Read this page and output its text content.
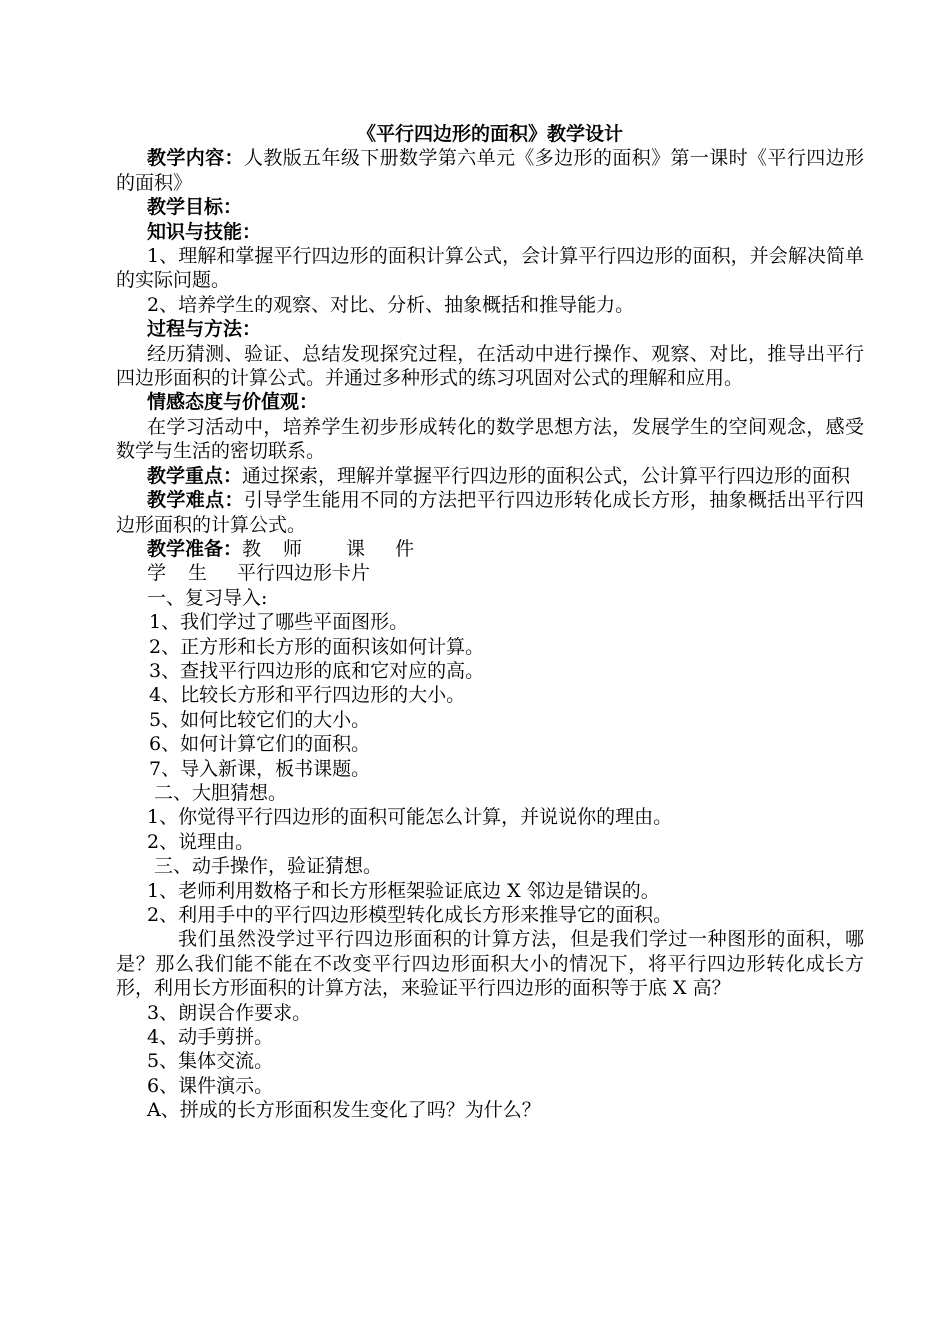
《平行四边形的面积》教学设计

教学内容：人教版五年级下册数学第六单元《多边形的面积》第一课时《平行四边形的面积》

教学目标：

知识与技能：

1、理解和掌握平行四边形的面积计算公式，会计算平行四边形的面积，并会解决简单的实际问题。

2、培养学生的观察、对比、分析、抽象概括和推导能力。

过程与方法：

经历猜测、验证、总结发现探究过程，在活动中进行操作、观察、对比，推导出平行四边形面积的计算公式。并通过多种形式的练习巩固对公式的理解和应用。

情感态度与价值观：

在学习活动中，培养学生初步形成转化的数学思想方法，发展学生的空间观念，感受数学与生活的密切联系。

教学重点：通过探索，理解并掌握平行四边形的面积公式，公计算平行四边形的面积

教学难点：引导学生能用不同的方法把平行四边形转化成长方形，抽象概括出平行四边形面积的计算公式。

教学准备：教 师 课 件

学 生 平行四边形卡片

一、复习导入:

1、我们学过了哪些平面图形。

2、正方形和长方形的面积该如何计算。

3、查找平行四边形的底和它对应的高。

4、比较长方形和平行四边形的大小。

5、如何比较它们的大小。

6、如何计算它们的面积。

7、导入新课，板书课题。

二、大胆猜想。

1、你觉得平行四边形的面积可能怎么计算，并说说你的理由。

2、说理由。

三、动手操作，验证猜想。

1、老师利用数格子和长方形框架验证底边 X 邻边是错误的。

2、利用手中的平行四边形模型转化成长方形来推导它的面积。

我们虽然没学过平行四边形面积的计算方法，但是我们学过一种图形的面积，哪是？那么我们能不能在不改变平行四边形面积大小的情况下，将平行四边形转化成长方形，利用长方形面积的计算方法，来验证平行四边形的面积等于底 X 高？

3、朗误合作要求。

4、动手剪拼。

5、集体交流。

6、课件演示。

A、拼成的长方形面积发生变化了吗？为什么？
